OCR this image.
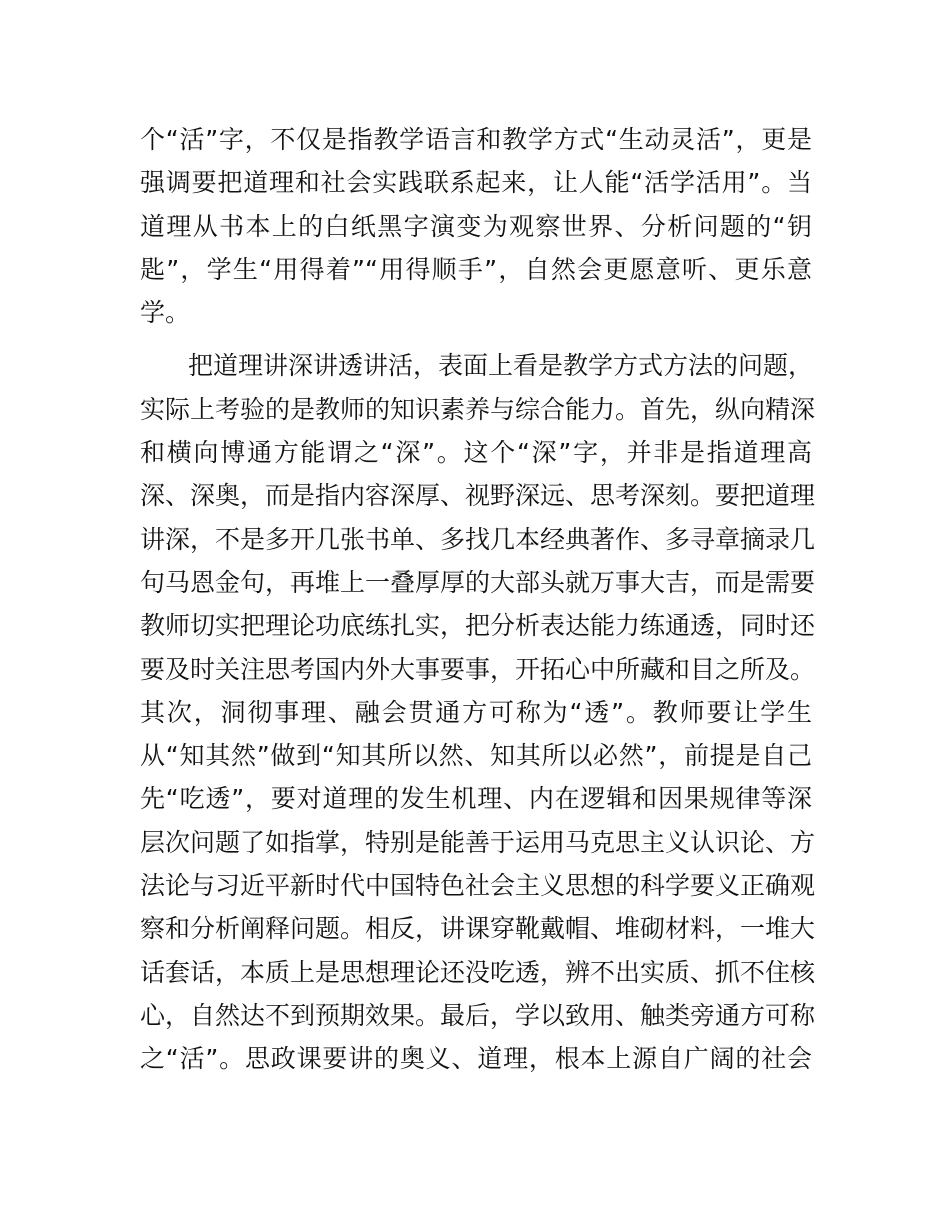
个“活”字，不仅是指教学语言和教学方式“生动灵活”，更是
强调要把道理和社会实践联系起来，让人能“活学活用”。当
道理从书本上的白纸黑字演变为观察世界、分析问题的“钥
匙”，学生“用得着”“用得顺手”，自然会更愿意听、更乐意
学。
把道理讲深讲透讲活，表面上看是教学方式方法的问题，
实际上考验的是教师的知识素养与综合能力。首先，纵向精深
和横向博通方能谓之“深”。这个“深”字，并非是指道理高
深、深奥，而是指内容深厚、视野深远、思考深刻。要把道理
讲深，不是多开几张书单、多找几本经典著作、多寻章摘录几
句马恩金句，再堆上一叠厚厚的大部头就万事大吉，而是需要
教师切实把理论功底练扎实，把分析表达能力练通透，同时还
要及时关注思考国内外大事要事，开拓心中所藏和目之所及。
其次，洞彻事理、融会贯通方可称为“透”。教师要让学生
从“知其然”做到“知其所以然、知其所以必然”，前提是自己
先“吃透”，要对道理的发生机理、内在逻辑和因果规律等深
层次问题了如指掌，特别是能善于运用马克思主义认识论、方
法论与习近平新时代中国特色社会主义思想的科学要义正确观
察和分析阐释问题。相反，讲课穿靴戴帽、堆砌材料，一堆大
话套话，本质上是思想理论还没吃透，辨不出实质、抓不住核
心，自然达不到预期效果。最后，学以致用、触类旁通方可称
之“活”。思政课要讲的奥义、道理，根本上源自广阔的社会
